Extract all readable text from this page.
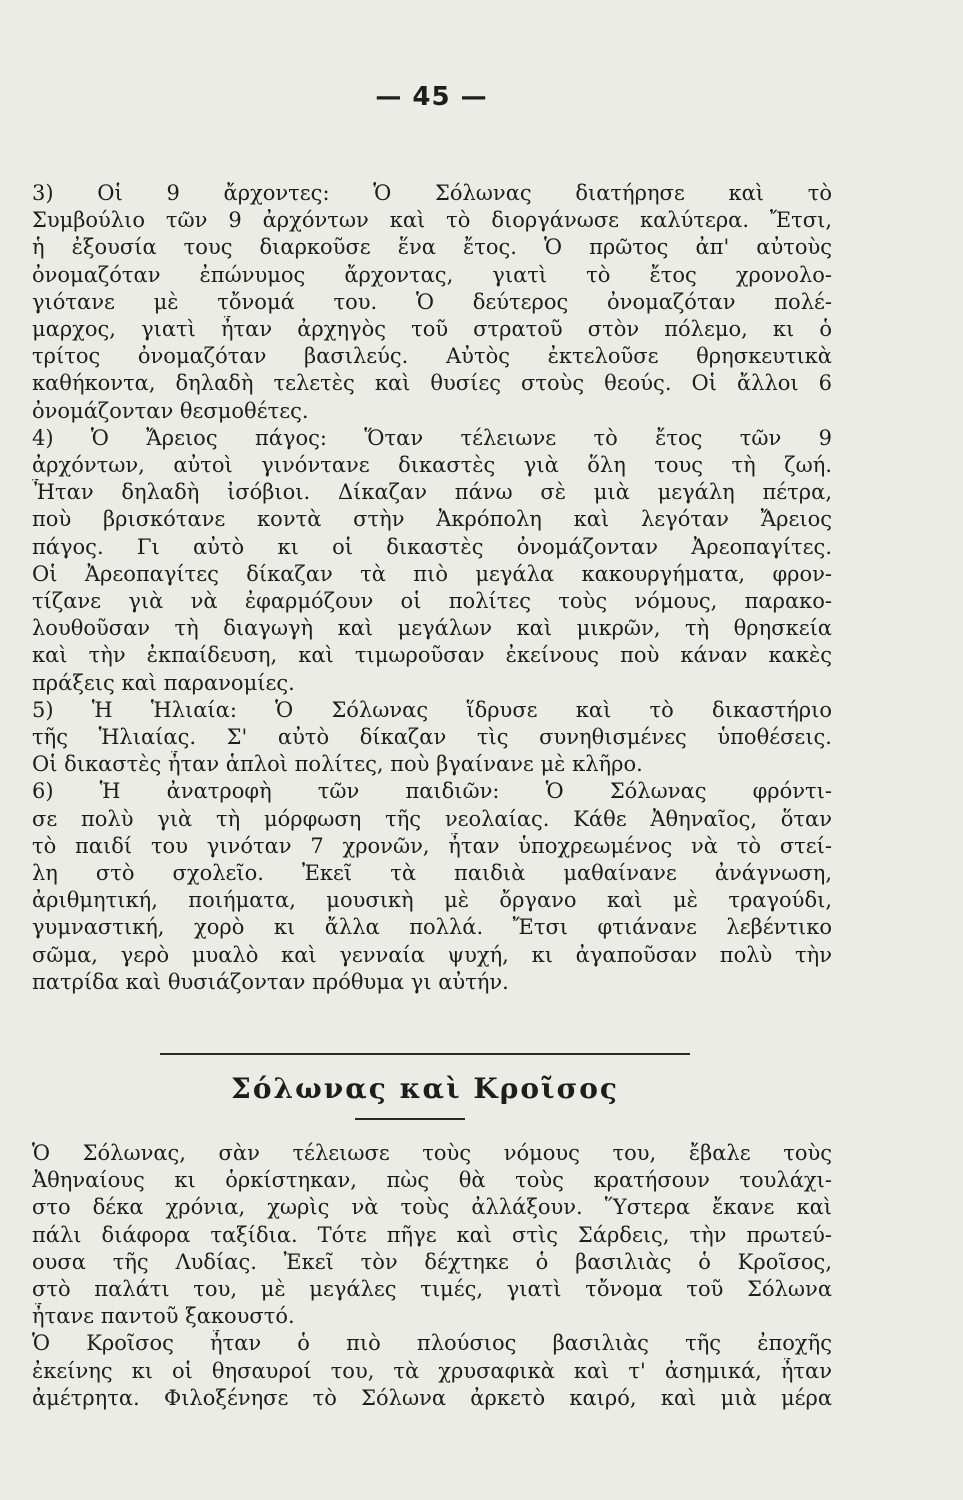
— 45 —
3) Οἱ 9 ἄρχοντες: Ὁ Σόλωνας διατήρησε καὶ τὸ
Συμβούλιο τῶν 9 ἀρχόντων καὶ τὸ διοργάνωσε καλύτερα. Ἔτσι,
ἡ ἐξουσία τους διαρκοῦσε ἕνα ἔτος. Ὁ πρῶτος ἀπ' αὐτοὺς
ὀνομαζόταν ἐπώνυμος ἄρχοντας, γιατὶ τὸ ἔτος χρονολο-
γιότανε μὲ τὄνομά του. Ὁ δεύτερος ὀνομαζόταν πολέ-
μαρχος, γιατὶ ἦταν ἀρχηγὸς τοῦ στρατοῦ στὸν πόλεμο, κι ὁ
τρίτος ὀνομαζόταν βασιλεύς. Αὐτὸς ἐκτελοῦσε θρησκευτικὰ
καθήκοντα, δηλαδὴ τελετὲς καὶ θυσίες στοὺς θεούς. Οἱ ἄλλοι 6
ὀνομάζονταν θεσμοθέτες.
4) Ὁ Ἄρειος πάγος: Ὅταν τέλειωνε τὸ ἔτος τῶν 9
ἀρχόντων, αὐτοὶ γινόντανε δικαστὲς γιὰ ὅλη τους τὴ ζωή.
Ἦταν δηλαδὴ ἰσόβιοι. Δίκαζαν πάνω σὲ μιὰ μεγάλη πέτρα,
ποὺ βρισκότανε κοντὰ στὴν Ἀκρόπολη καὶ λεγόταν Ἄρειος
πάγος. Γι αὐτὸ κι οἱ δικαστὲς ὀνομάζονταν Ἀρεοπαγίτες.
Οἱ Ἀρεοπαγίτες δίκαζαν τὰ πιὸ μεγάλα κακουργήματα, φρον-
τίζανε γιὰ νὰ ἐφαρμόζουν οἱ πολίτες τοὺς νόμους, παρακο-
λουθοῦσαν τὴ διαγωγὴ καὶ μεγάλων καὶ μικρῶν, τὴ θρησκεία
καὶ τὴν ἐκπαίδευση, καὶ τιμωροῦσαν ἐκείνους ποὺ κάναν κακὲς
πράξεις καὶ παρανομίες.
5) Ἡ Ἡλιαία: Ὁ Σόλωνας ἵδρυσε καὶ τὸ δικαστήριο
τῆς Ἡλιαίας. Σ' αὐτὸ δίκαζαν τὶς συνηθισμένες ὑποθέσεις.
Οἱ δικαστὲς ἦταν ἁπλοὶ πολίτες, ποὺ βγαίνανε μὲ κλῆρο.
6) Ἡ ἀνατροφὴ τῶν παιδιῶν: Ὁ Σόλωνας φρόντι-
σε πολὺ γιὰ τὴ μόρφωση τῆς νεολαίας. Κάθε Ἀθηναῖος, ὅταν
τὸ παιδί του γινόταν 7 χρονῶν, ἦταν ὑποχρεωμένος νὰ τὸ στεί-
λη στὸ σχολεῖο. Ἐκεῖ τὰ παιδιὰ μαθαίνανε ἀνάγνωση,
ἀριθμητική, ποιήματα, μουσικὴ μὲ ὄργανο καὶ μὲ τραγούδι,
γυμναστική, χορὸ κι ἄλλα πολλά. Ἔτσι φτιάνανε λεβέντικο
σῶμα, γερὸ μυαλὸ καὶ γενναία ψυχή, κι ἀγαποῦσαν πολὺ τὴν
πατρίδα καὶ θυσιάζονταν πρόθυμα γι αὐτήν.
Σόλωνας καὶ Κροῖσος
Ὁ Σόλωνας, σὰν τέλειωσε τοὺς νόμους του, ἔβαλε τοὺς
Ἀθηναίους κι ὁρκίστηκαν, πὼς θὰ τοὺς κρατήσουν τουλάχι-
στο δέκα χρόνια, χωρὶς νὰ τοὺς ἀλλάξουν. Ὕστερα ἔκανε καὶ
πάλι διάφορα ταξίδια. Τότε πῆγε καὶ στὶς Σάρδεις, τὴν πρωτεύ-
ουσα τῆς Λυδίας. Ἐκεῖ τὸν δέχτηκε ὁ βασιλιὰς ὁ Κροῖσος,
στὸ παλάτι του, μὲ μεγάλες τιμές, γιατὶ τὄνομα τοῦ Σόλωνα
ἦτανε παντοῦ ξακουστό.
Ὁ Κροῖσος ἦταν ὁ πιὸ πλούσιος βασιλιὰς τῆς ἐποχῆς
ἐκείνης κι οἱ θησαυροί του, τὰ χρυσαφικὰ καὶ τ' ἀσημικά, ἦταν
ἀμέτρητα. Φιλοξένησε τὸ Σόλωνα ἀρκετὸ καιρό, καὶ μιὰ μέρα
